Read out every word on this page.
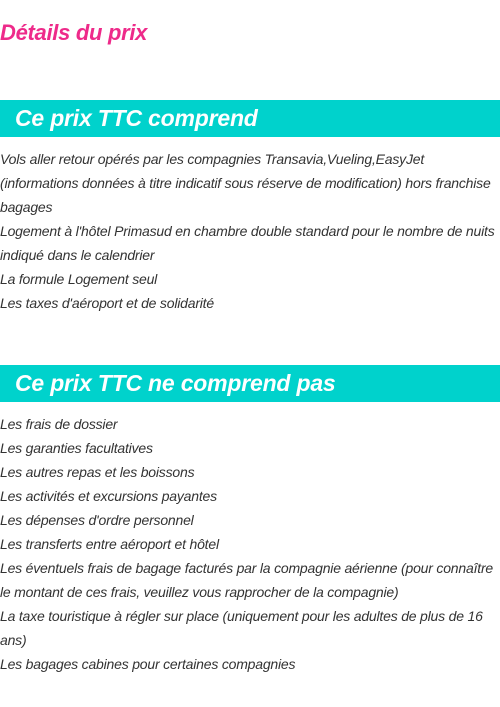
Détails du prix
Ce prix TTC comprend
Vols aller retour opérés par les compagnies Transavia,Vueling,EasyJet (informations données à titre indicatif sous réserve de modification) hors franchise bagages
Logement à l'hôtel Primasud en chambre double standard pour le nombre de nuits indiqué dans le calendrier
La formule Logement seul
Les taxes d'aéroport et de solidarité
Ce prix TTC ne comprend pas
Les frais de dossier
Les garanties facultatives
Les autres repas et les boissons
Les activités et excursions payantes
Les dépenses d'ordre personnel
Les transferts entre aéroport et hôtel
Les éventuels frais de bagage facturés par la compagnie aérienne (pour connaître le montant de ces frais, veuillez vous rapprocher de la compagnie)
La taxe touristique à régler sur place (uniquement pour les adultes de plus de 16 ans)
Les bagages cabines pour certaines compagnies
